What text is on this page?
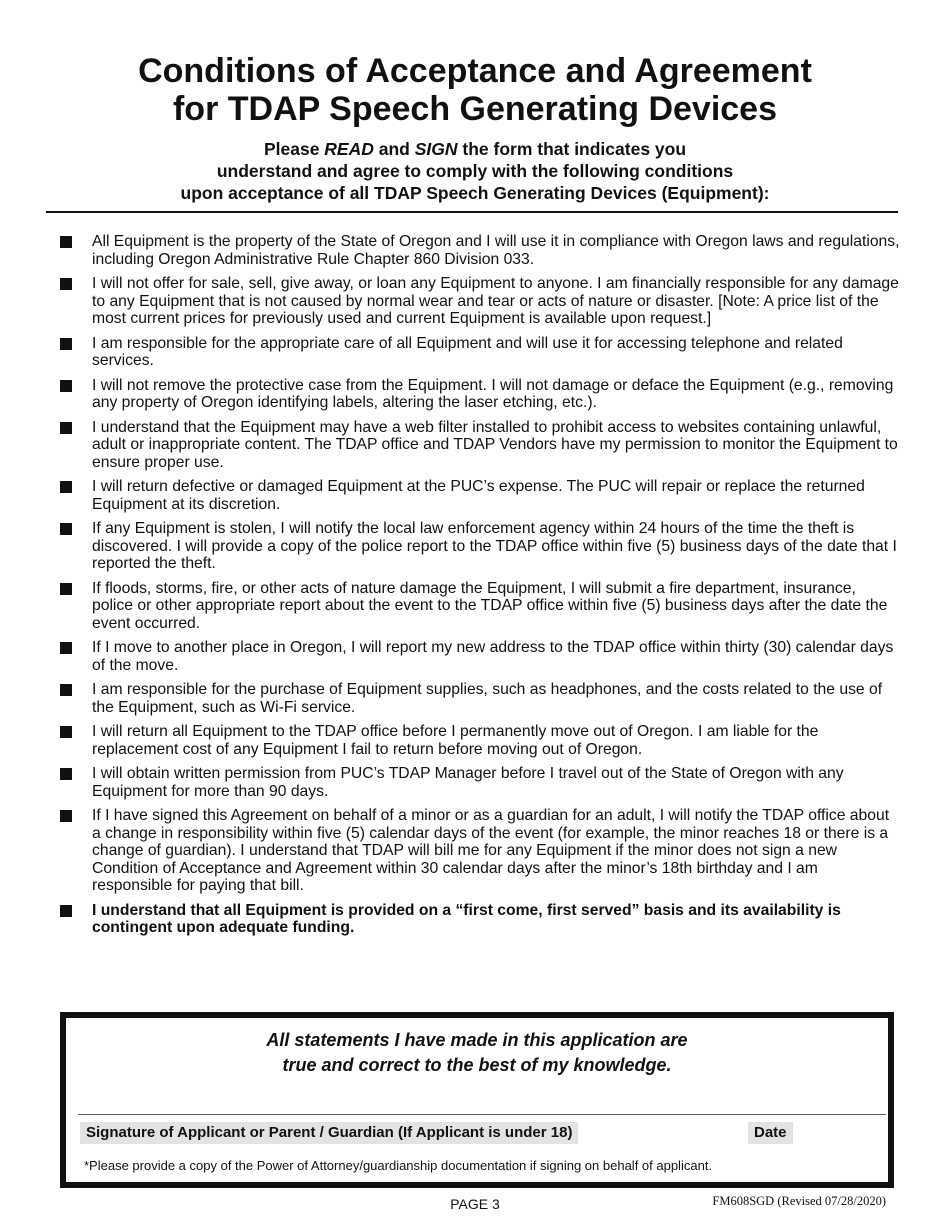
Conditions of Acceptance and Agreement
for TDAP Speech Generating Devices
Please READ and SIGN the form that indicates you
understand and agree to comply with the following conditions
upon acceptance of all TDAP Speech Generating Devices (Equipment):
All Equipment is the property of the State of Oregon and I will use it in compliance with Oregon laws and regulations, including Oregon Administrative Rule Chapter 860 Division 033.
I will not offer for sale, sell, give away, or loan any Equipment to anyone. I am financially responsible for any damage to any Equipment that is not caused by normal wear and tear or acts of nature or disaster. [Note: A price list of the most current prices for previously used and current Equipment is available upon request.]
I am responsible for the appropriate care of all Equipment and will use it for accessing telephone and related services.
I will not remove the protective case from the Equipment. I will not damage or deface the Equipment (e.g., removing any property of Oregon identifying labels, altering the laser etching, etc.).
I understand that the Equipment may have a web filter installed to prohibit access to websites containing unlawful, adult or inappropriate content. The TDAP office and TDAP Vendors have my permission to monitor the Equipment to ensure proper use.
I will return defective or damaged Equipment at the PUC’s expense. The PUC will repair or replace the returned Equipment at its discretion.
If any Equipment is stolen, I will notify the local law enforcement agency within 24 hours of the time the theft is discovered. I will provide a copy of the police report to the TDAP office within five (5) business days of the date that I reported the theft.
If floods, storms, fire, or other acts of nature damage the Equipment, I will submit a fire department, insurance, police or other appropriate report about the event to the TDAP office within five (5) business days after the date the event occurred.
If I move to another place in Oregon, I will report my new address to the TDAP office within thirty (30) calendar days of the move.
I am responsible for the purchase of Equipment supplies, such as headphones, and the costs related to the use of the Equipment, such as Wi-Fi service.
I will return all Equipment to the TDAP office before I permanently move out of Oregon. I am liable for the replacement cost of any Equipment I fail to return before moving out of Oregon.
I will obtain written permission from PUC’s TDAP Manager before I travel out of the State of Oregon with any Equipment for more than 90 days.
If I have signed this Agreement on behalf of a minor or as a guardian for an adult, I will notify the TDAP office about a change in responsibility within five (5) calendar days of the event (for example, the minor reaches 18 or there is a change of guardian). I understand that TDAP will bill me for any Equipment if the minor does not sign a new Condition of Acceptance and Agreement within 30 calendar days after the minor’s 18th birthday and I am responsible for paying that bill.
I understand that all Equipment is provided on a “first come, first served” basis and its availability is contingent upon adequate funding.
All statements I have made in this application are
true and correct to the best of my knowledge.
Signature of Applicant or Parent / Guardian (If Applicant is under 18)	Date
*Please provide a copy of the Power of Attorney/guardianship documentation if signing on behalf of applicant.
PAGE 3	FM608SGD (Revised 07/28/2020)
